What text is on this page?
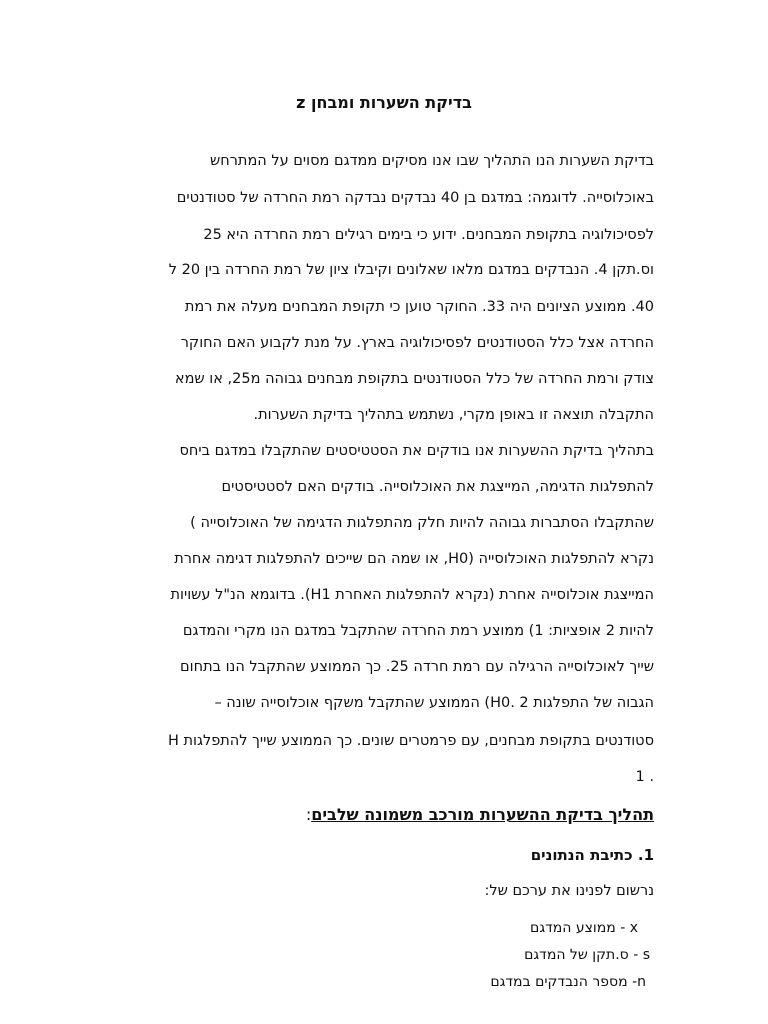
בדיקת השערות ומבחן z
בדיקת השערות הנו התהליך שבו אנו מסיקים ממדגם מסוים על המתרחש
באוכלוסייה. לדוגמה: במדגם בן 40 נבדקים נבדקה רמת החרדה של סטודנטים
לפסיכולוגיה בתקופת המבחנים. ידוע כי בימים רגילים רמת החרדה היא 25
וס.תקן 4. הנבדקים במדגם מלאו שאלונים וקיבלו ציון של רמת החרדה בין 20 ל
40. ממוצע הציונים היה 33. החוקר טוען כי תקופת המבחנים מעלה את רמת
החרדה אצל כלל הסטודנטים לפסיכולוגיה בארץ. על מנת לקבוע האם החוקר
צודק ורמת החרדה של כלל הסטודנטים בתקופת מבחנים גבוהה מ25, או שמא
התקבלה תוצאה זו באופן מקרי, נשתמש בתהליך בדיקת השערות.
בתהליך בדיקת ההשערות אנו בודקים את הסטטיסטים שהתקבלו במדגם ביחס
להתפלגות הדגימה, המייצגת את האוכלוסייה. בודקים האם לסטטיסטים
שהתקבלו הסתברות גבוהה להיות חלק מהתפלגות הדגימה של האוכלוסייה )
נקרא להתפלגות האוכלוסייה (H0, או שמה הם שייכים להתפלגות דגימה אחרת
המייצגת אוכלוסייה אחרת (נקרא להתפלגות האחרת H1). בדוגמא הנ"ל עשויות
להיות 2 אופציות: 1) ממוצע רמת החרדה שהתקבל במדגם הנו מקרי והמדגם
שייך לאוכלוסייה הרגילה עם רמת חרדה 25. כך הממוצע שהתקבל הנו בתחום
הגבוה של התפלגות H0. 2) הממוצע שהתקבל משקף אוכלוסייה שונה –
סטודנטים בתקופת מבחנים, עם פרמטרים שונים. כך הממוצע שייך להתפלגות H
. 1
תהליך בדיקת ההשערות מורכב משמונה שלבים:
1. כתיבת הנתונים
נרשום לפנינו את ערכם של:
x - ממוצע המדגם
s - ס.תקן של המדגם
n- מספר הנבדקים במדגם
